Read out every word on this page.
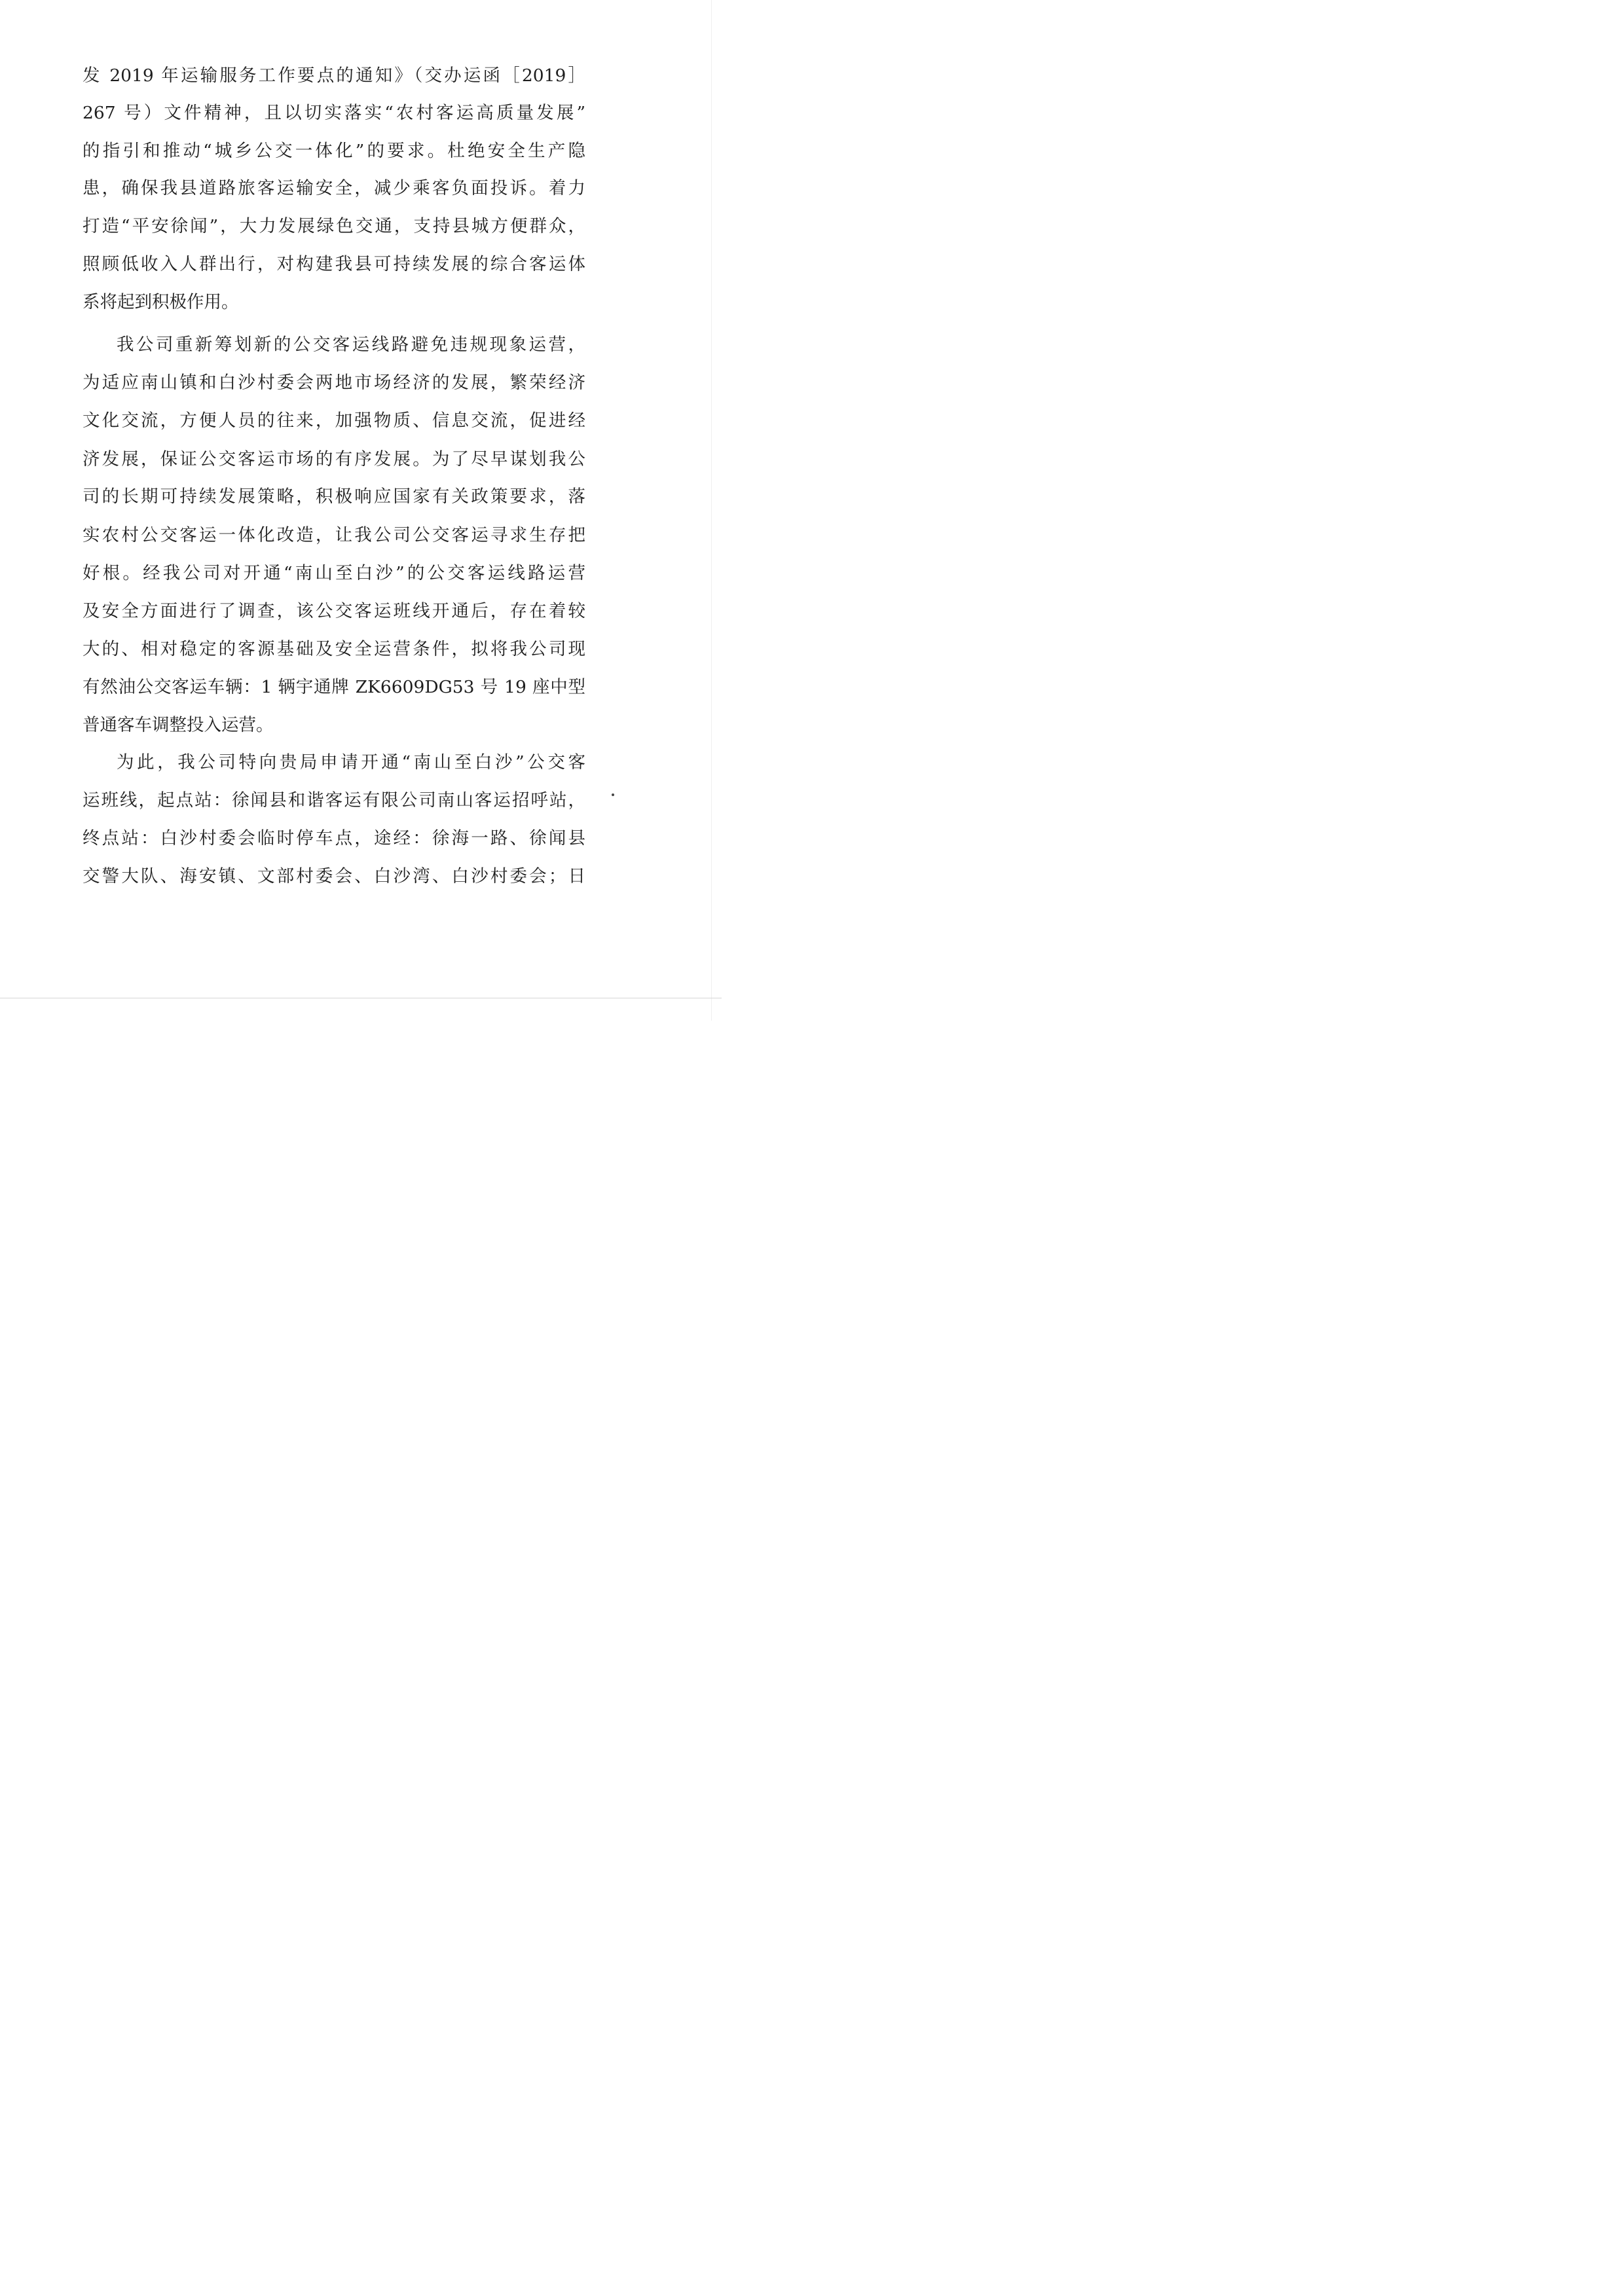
发 2019 年运输服务工作要点的通知》（交办运函［2019］
267 号）文件精神，且以切实落实“农村客运高质量发展”
的指引和推动“城乡公交一体化”的要求。杜绝安全生产隐
患，确保我县道路旅客运输安全，减少乘客负面投诉。着力
打造“平安徐闻”，大力发展绿色交通，支持县城方便群众，
照顾低收入人群出行，对构建我县可持续发展的综合客运体
系将起到积极作用。
我公司重新筹划新的公交客运线路避免违规现象运营，
为适应南山镇和白沙村委会两地市场经济的发展，繁荣经济
文化交流，方便人员的往来，加强物质、信息交流，促进经
济发展，保证公交客运市场的有序发展。为了尽早谋划我公
司的长期可持续发展策略，积极响应国家有关政策要求，落
实农村公交客运一体化改造，让我公司公交客运寻求生存把
好根。经我公司对开通“南山至白沙”的公交客运线路运营
及安全方面进行了调查，该公交客运班线开通后，存在着较
大的、相对稳定的客源基础及安全运营条件，拟将我公司现
有然油公交客运车辆：1 辆宇通牌 ZK6609DG53 号 19 座中型
普通客车调整投入运营。
为此，我公司特向贵局申请开通“南山至白沙”公交客
运班线，起点站：徐闻县和谐客运有限公司南山客运招呼站，
终点站：白沙村委会临时停车点，途经：徐海一路、徐闻县
交警大队、海安镇、文部村委会、白沙湾、白沙村委会；日
